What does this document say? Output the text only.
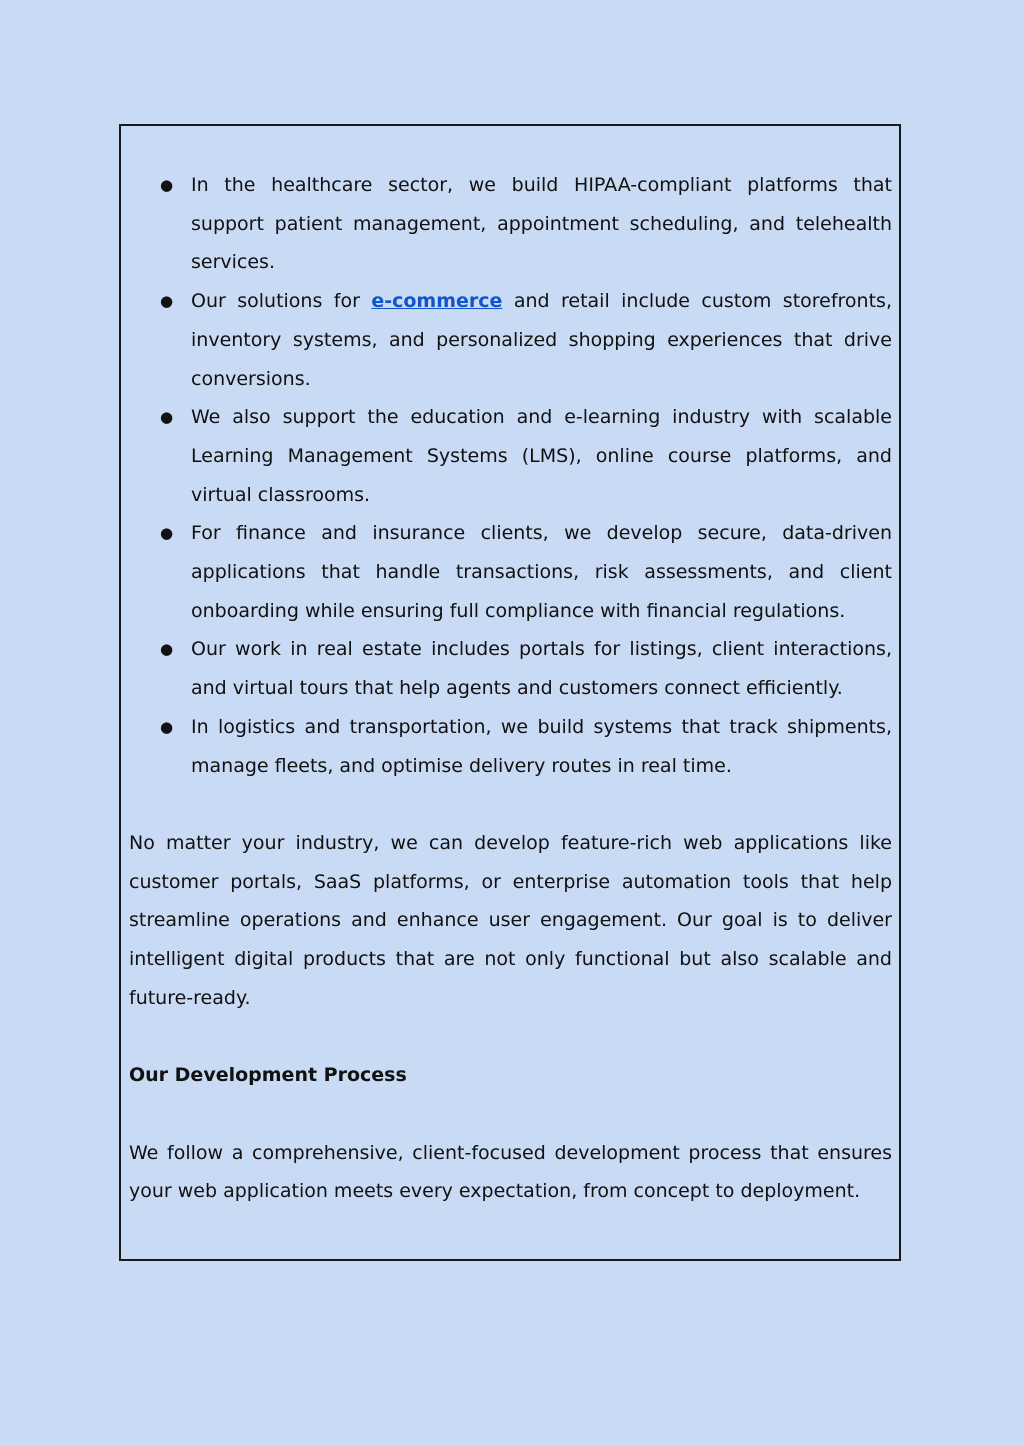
● In the healthcare sector, we build HIPAA-compliant platforms that support patient management, appointment scheduling, and telehealth services.
● Our solutions for e-commerce and retail include custom storefronts, inventory systems, and personalized shopping experiences that drive conversions.
● We also support the education and e-learning industry with scalable Learning Management Systems (LMS), online course platforms, and virtual classrooms.
● For finance and insurance clients, we develop secure, data-driven applications that handle transactions, risk assessments, and client onboarding while ensuring full compliance with financial regulations.
● Our work in real estate includes portals for listings, client interactions, and virtual tours that help agents and customers connect efficiently.
● In logistics and transportation, we build systems that track shipments, manage fleets, and optimise delivery routes in real time.

No matter your industry, we can develop feature-rich web applications like customer portals, SaaS platforms, or enterprise automation tools that help streamline operations and enhance user engagement. Our goal is to deliver intelligent digital products that are not only functional but also scalable and future-ready.

Our Development Process

We follow a comprehensive, client-focused development process that ensures your web application meets every expectation, from concept to deployment.
